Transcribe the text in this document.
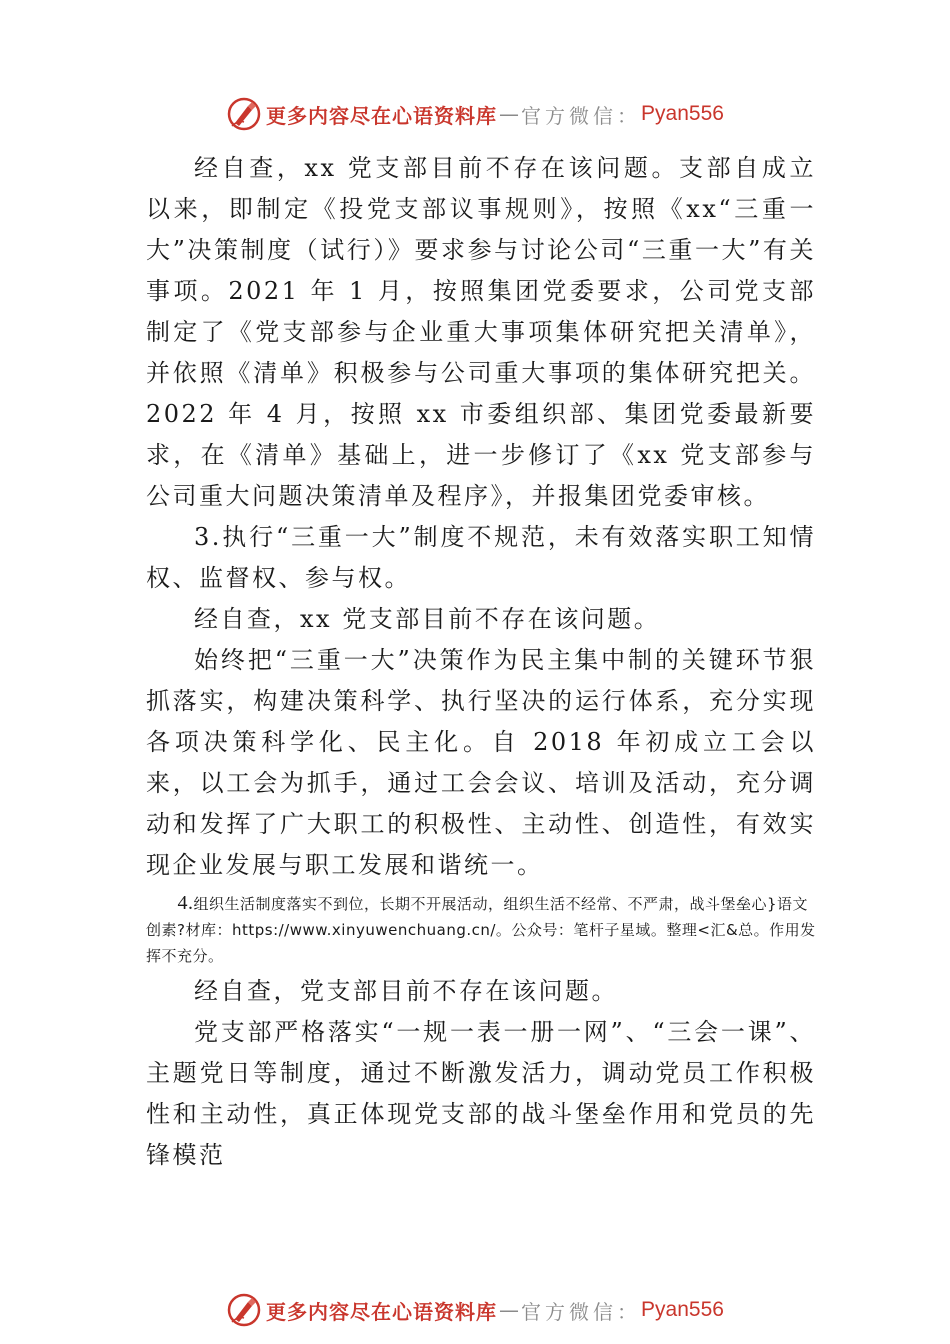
更多内容尽在心语资料库 — 官方微信： Pyan556

经自查，xx 党支部目前不存在该问题。支部自成立以来，即制定《投党支部议事规则》，按照《xx“三重一大”决策制度（试行）》要求参与讨论公司“三重一大”有关事项。2021 年 1 月，按照集团党委要求，公司党支部制定了《党支部参与企业重大事项集体研究把关清单》，并依照《清单》积极参与公司重大事项的集体研究把关。2022 年 4 月，按照 xx 市委组织部、集团党委最新要求，在《清单》基础上，进一步修订了《xx 党支部参与公司重大问题决策清单及程序》，并报集团党委审核。

3.执行“三重一大”制度不规范，未有效落实职工知情权、监督权、参与权。

经自查，xx 党支部目前不存在该问题。

始终把“三重一大”决策作为民主集中制的关键环节狠抓落实，构建决策科学、执行坚决的运行体系，充分实现各项决策科学化、民主化。自 2018 年初成立工会以来，以工会为抓手，通过工会会议、培训及活动，充分调动和发挥了广大职工的积极性、主动性、创造性，有效实现企业发展与职工发展和谐统一。

4.组织生活制度落实不到位，长期不开展活动，组织生活不经常、不严肃，战斗堡垒心}语文创素?材库：https://www.xinyuwenchuang.cn/。公众号：笔杆子星域。整理<汇&总。作用发挥不充分。

经自查，党支部目前不存在该问题。

党支部严格落实“一规一表一册一网”、“三会一课”、主题党日等制度，通过不断激发活力，调动党员工作积极性和主动性，真正体现党支部的战斗堡垒作用和党员的先锋模范

更多内容尽在心语资料库 — 官方微信： Pyan556
